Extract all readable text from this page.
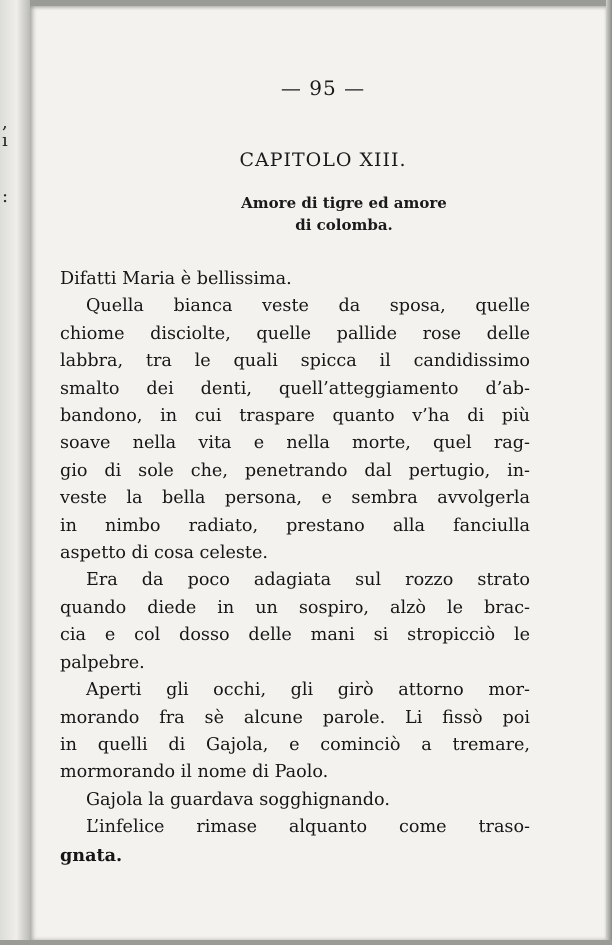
,
ı
:
— 95 —
CAPITOLO XIII.
Amore di tigre ed amore
di colomba.
Difatti Maria è bellissima.
Quella bianca veste da sposa, quelle
chiome disciolte, quelle pallide rose delle
labbra, tra le quali spicca il candidissimo
smalto dei denti, quell’atteggiamento d’ab-
bandono, in cui traspare quanto v’ha di più
soave nella vita e nella morte, quel rag-
gio di sole che, penetrando dal pertugio, in-
veste la bella persona, e sembra avvolgerla
in nimbo radiato, prestano alla fanciulla
aspetto di cosa celeste.
Era da poco adagiata sul rozzo strato
quando diede in un sospiro, alzò le brac-
cia e col dosso delle mani si stropicciò le
palpebre.
Aperti gli occhi, gli girò attorno mor-
morando fra sè alcune parole. Li fissò poi
in quelli di Gajola, e cominciò a tremare,
mormorando il nome di Paolo.
Gajola la guardava sogghignando.
L’infelice rimase alquanto come traso-
gnata.
